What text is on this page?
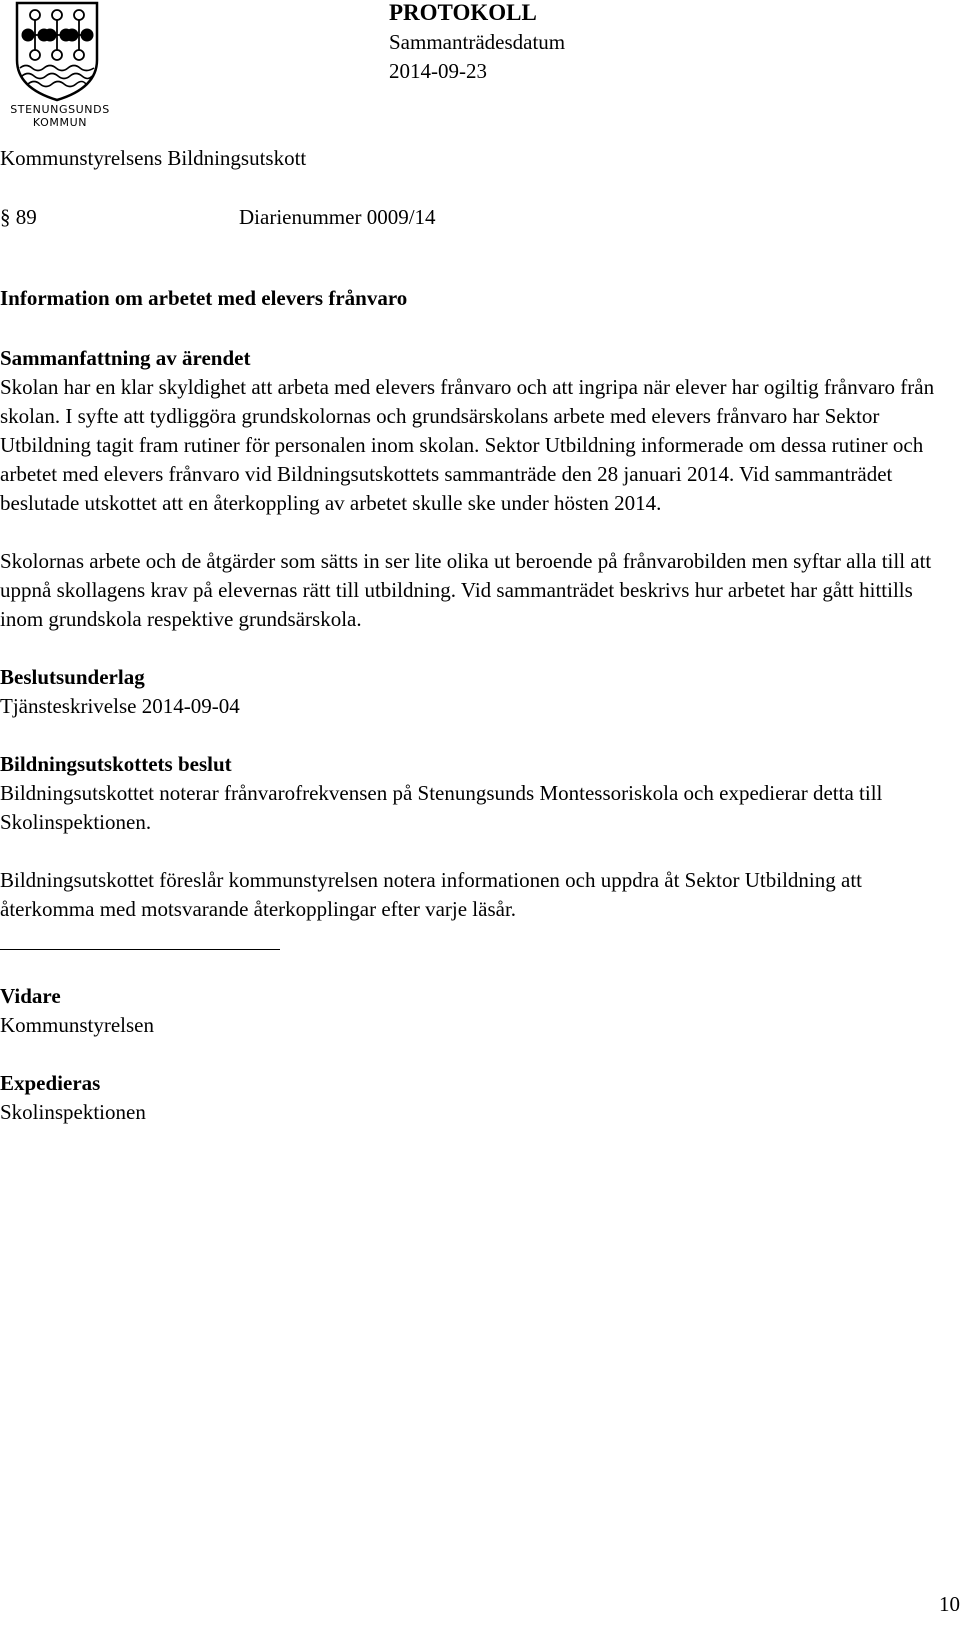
STENUNGSUNDS
KOMMUN
PROTOKOLL
Sammanträdesdatum
2014-09-23
Kommunstyrelsens Bildningsutskott
§ 89	Diarienummer 0009/14
Information om arbetet med elevers frånvaro
Sammanfattning av ärendet

Skolan har en klar skyldighet att arbeta med elevers frånvaro och att ingripa när elever har ogiltig frånvaro från skolan. I syfte att tydliggöra grundskolornas och grundsärskolans arbete med elevers frånvaro har Sektor Utbildning tagit fram rutiner för personalen inom skolan. Sektor Utbildning informerade om dessa rutiner och arbetet med elevers frånvaro vid Bildningsutskottets sammanträde den 28 januari 2014. Vid sammanträdet beslutade utskottet att en återkoppling av arbetet skulle ske under hösten 2014.

Skolornas arbete och de åtgärder som sätts in ser lite olika ut beroende på frånvarobilden men syftar alla till att uppnå skollagens krav på elevernas rätt till utbildning. Vid sammanträdet beskrivs hur arbetet har gått hittills inom grundskola respektive grundsärskola.

Beslutsunderlag

Tjänsteskrivelse 2014-09-04

Bildningsutskottets beslut

Bildningsutskottet noterar frånvarofrekvensen på Stenungsunds Montessoriskola och expedierar detta till Skolinspektionen.

Bildningsutskottet föreslår kommunstyrelsen notera informationen och uppdra åt Sektor Utbildning att återkomma med motsvarande återkopplingar efter varje läsår.

Vidare

Kommunstyrelsen

Expedieras

Skolinspektionen

10
